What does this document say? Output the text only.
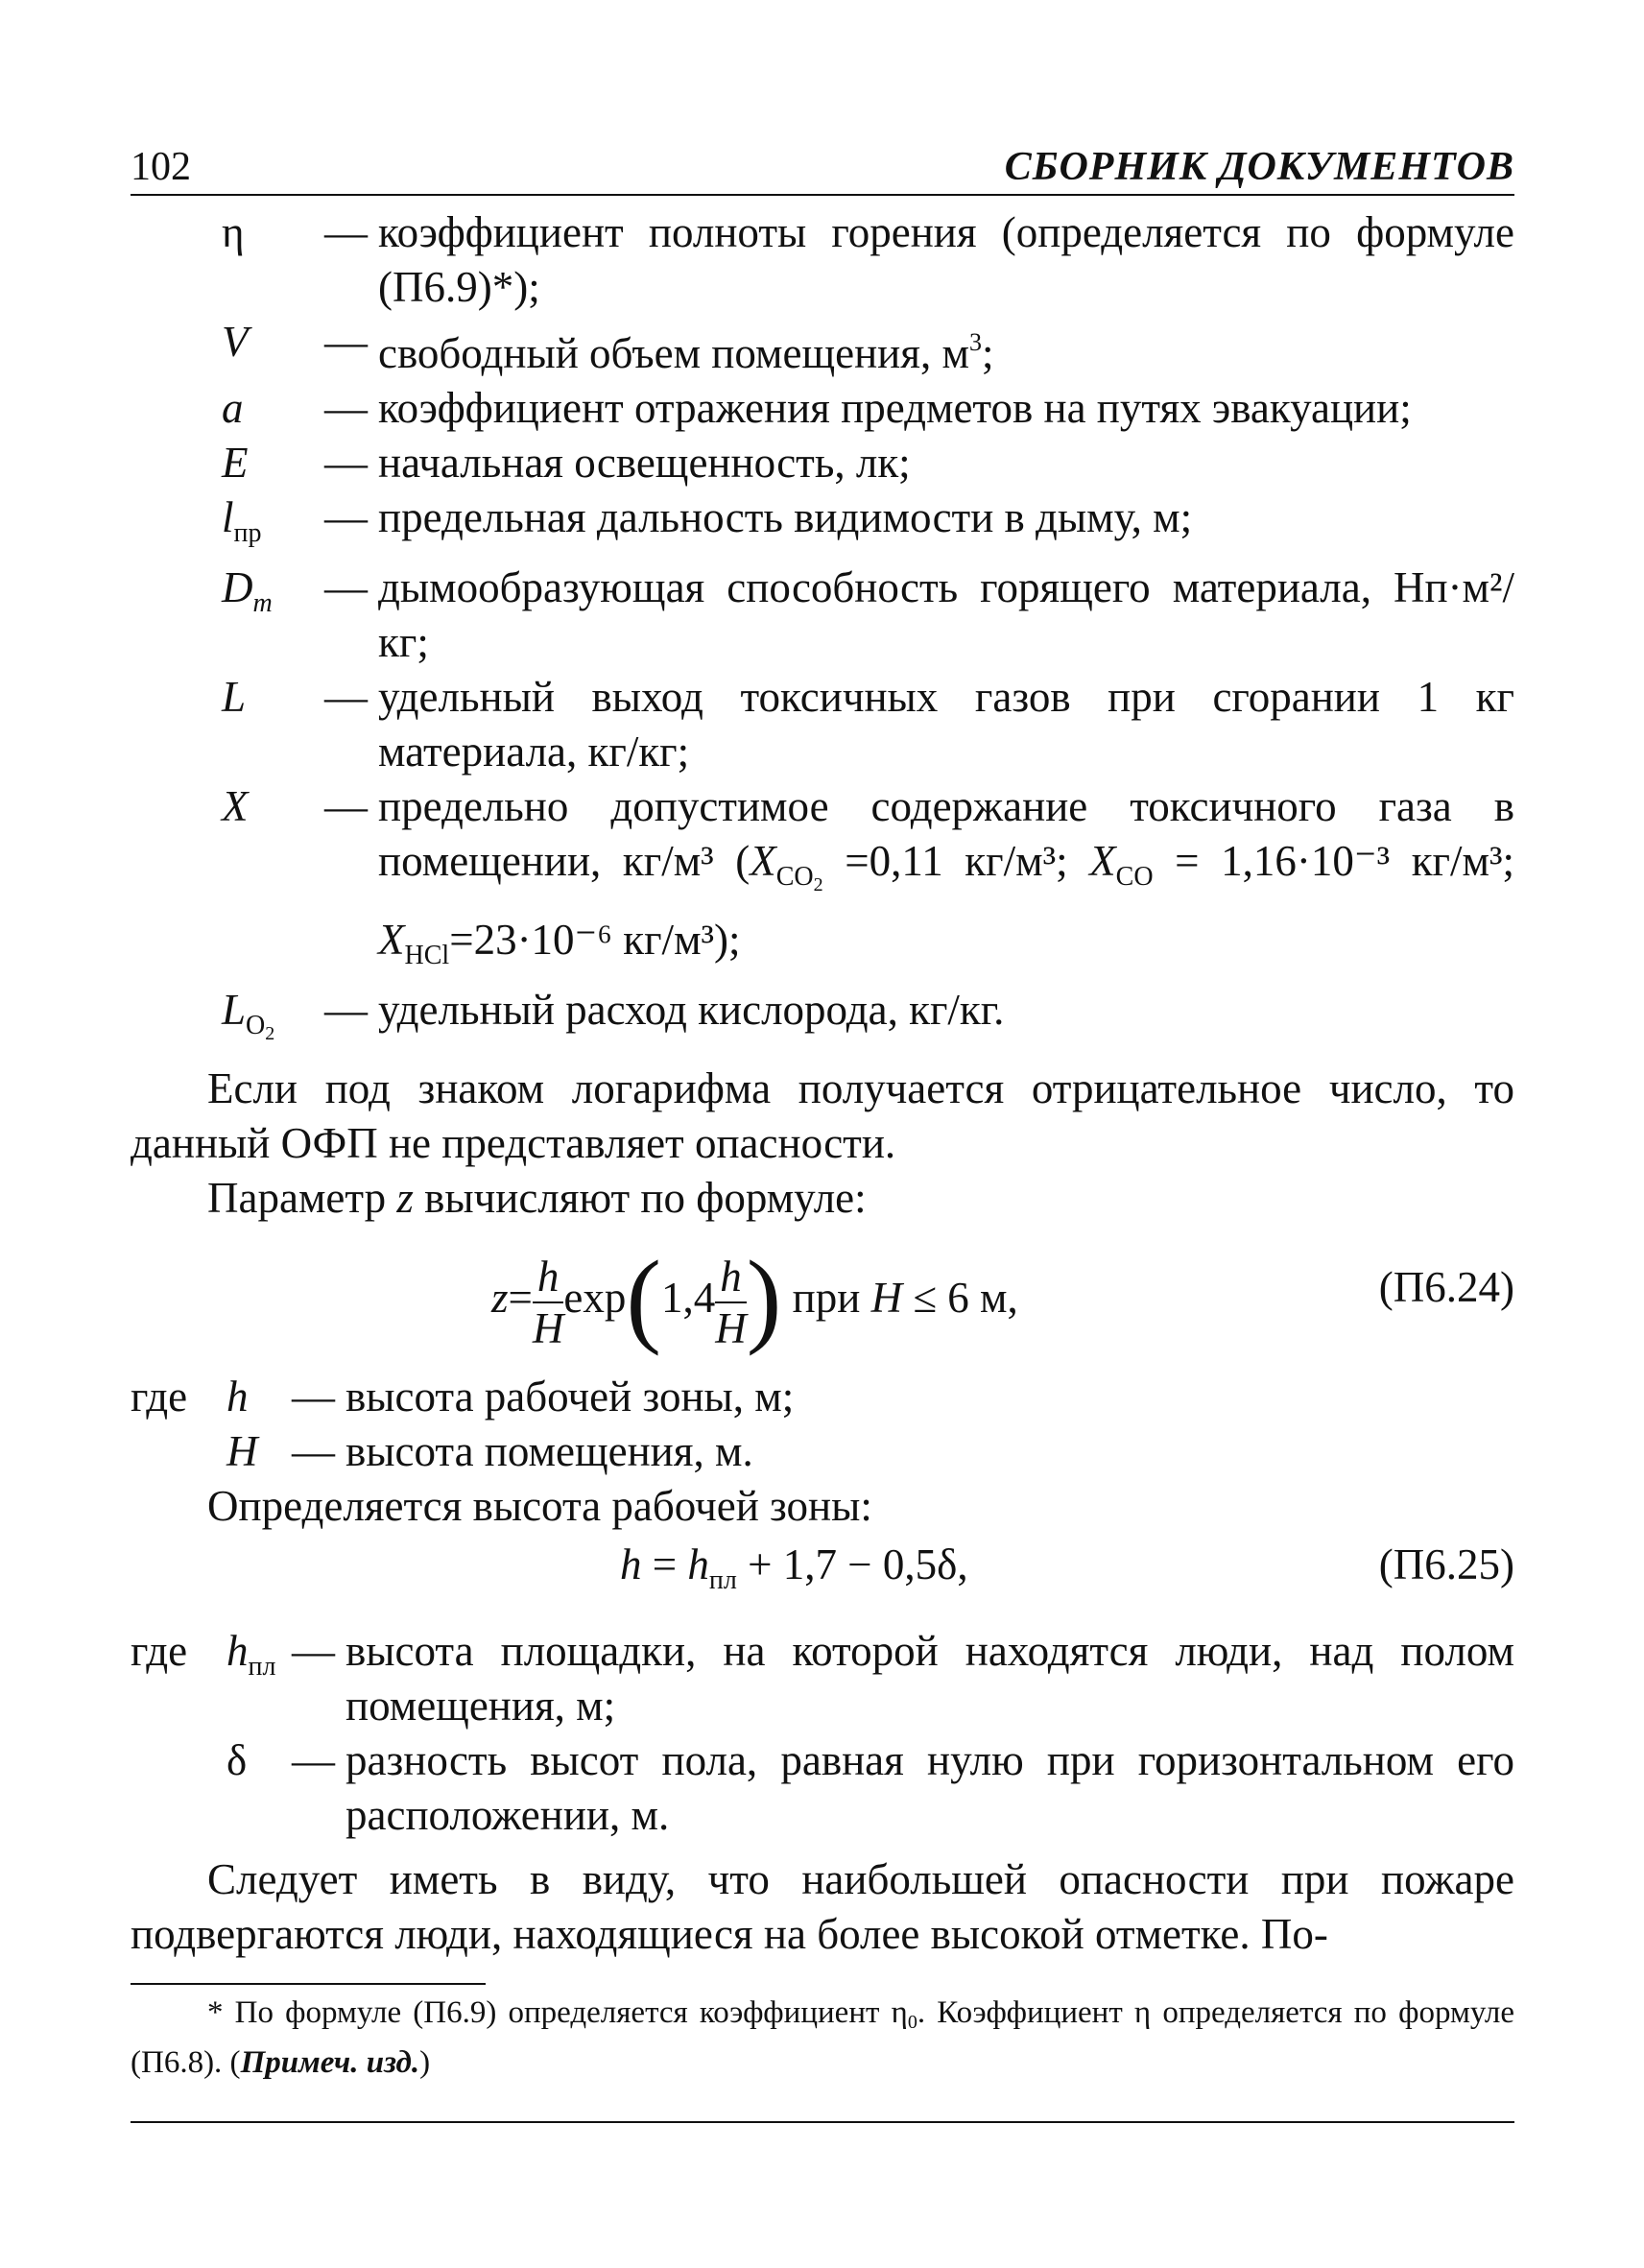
102	СБОРНИК ДОКУМЕНТОВ
η	— коэффициент полноты горения (определяется по формуле (П6.9)*);
V	— свободный объем помещения, $м^3$;
a	— коэффициент отражения предметов на путях эвакуации;
E	— начальная освещенность, лк;
$l_{пр}$	— предельная дальность видимости в дыму, м;
$D_m$	— дымообразующая способность горящего материала, Нп·м²/кг;
L	— удельный выход токсичных газов при сгорании 1 кг материала, кг/кг;
X	— предельно допустимое содержание токсичного газа в помещении, кг/м³ ($X_{CO_2} =0,11$ кг/м³; $X_{CO} = 1,16\cdot 10^{-3}$ кг/м³; $X_{HCl}=23\cdot 10^{-6}$ кг/м³);
$L_{O_2}$	— удельный расход кислорода, кг/кг.
Если под знаком логарифма получается отрицательное число, то данный ОФП не представляет опасности.
Параметр z вычисляют по формуле:
$z= \frac{h}{H} \exp(1,4 \frac{h}{H}$ ) при H ≤ 6 м,	(П6.24)
где h	— высота рабочей зоны, м;
H — высота помещения, м.
Определяется высота рабочей зоны:
$h = h_{пл} + 1,7 - 0,5\delta$,	(П6.25)
где $h_{пл}$ — высота площадки, на которой находятся люди, над полом помещения, м;
δ	— разность высот пола, равная нулю при горизонтальном его расположении, м.
Следует иметь в виду, что наибольшей опасности при пожаре подвергаются люди, находящиеся на более высокой отметке. По-
* По формуле (П6.9) определяется коэффициент η0. Коэффициент η определяется по формуле (П6.8). (Примеч. изд.)
